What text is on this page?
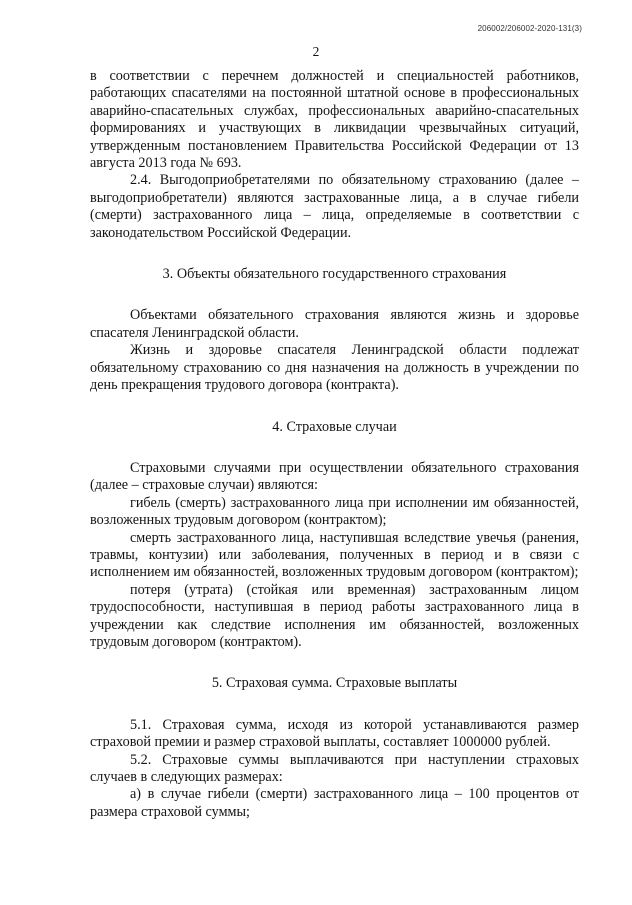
206002/206002-2020-131(3)
2

в соответствии с перечнем должностей и специальностей работников, работающих спасателями на постоянной штатной основе в профессиональных аварийно-спасательных службах, профессиональных аварийно-спасательных формированиях и участвующих в ликвидации чрезвычайных ситуаций, утвержденным постановлением Правительства Российской Федерации от 13 августа 2013 года № 693.

2.4. Выгодоприобретателями по обязательному страхованию (далее – выгодоприобретатели) являются застрахованные лица, а в случае гибели (смерти) застрахованного лица – лица, определяемые в соответствии с законодательством Российской Федерации.

3. Объекты обязательного государственного страхования

Объектами обязательного страхования являются жизнь и здоровье спасателя Ленинградской области.

Жизнь и здоровье спасателя Ленинградской области подлежат обязательному страхованию со дня назначения на должность в учреждении по день прекращения трудового договора (контракта).

4. Страховые случаи

Страховыми случаями при осуществлении обязательного страхования (далее – страховые случаи) являются:

гибель (смерть) застрахованного лица при исполнении им обязанностей, возложенных трудовым договором (контрактом);

смерть застрахованного лица, наступившая вследствие увечья (ранения, травмы, контузии) или заболевания, полученных в период и в связи с исполнением им обязанностей, возложенных трудовым договором (контрактом);

потеря (утрата) (стойкая или временная) застрахованным лицом трудоспособности, наступившая в период работы застрахованного лица в учреждении как следствие исполнения им обязанностей, возложенных трудовым договором (контрактом).

5. Страховая сумма. Страховые выплаты

5.1. Страховая сумма, исходя из которой устанавливаются размер страховой премии и размер страховой выплаты, составляет 1000000 рублей.

5.2. Страховые суммы выплачиваются при наступлении страховых случаев в следующих размерах:

а) в случае гибели (смерти) застрахованного лица – 100 процентов от размера страховой суммы;
